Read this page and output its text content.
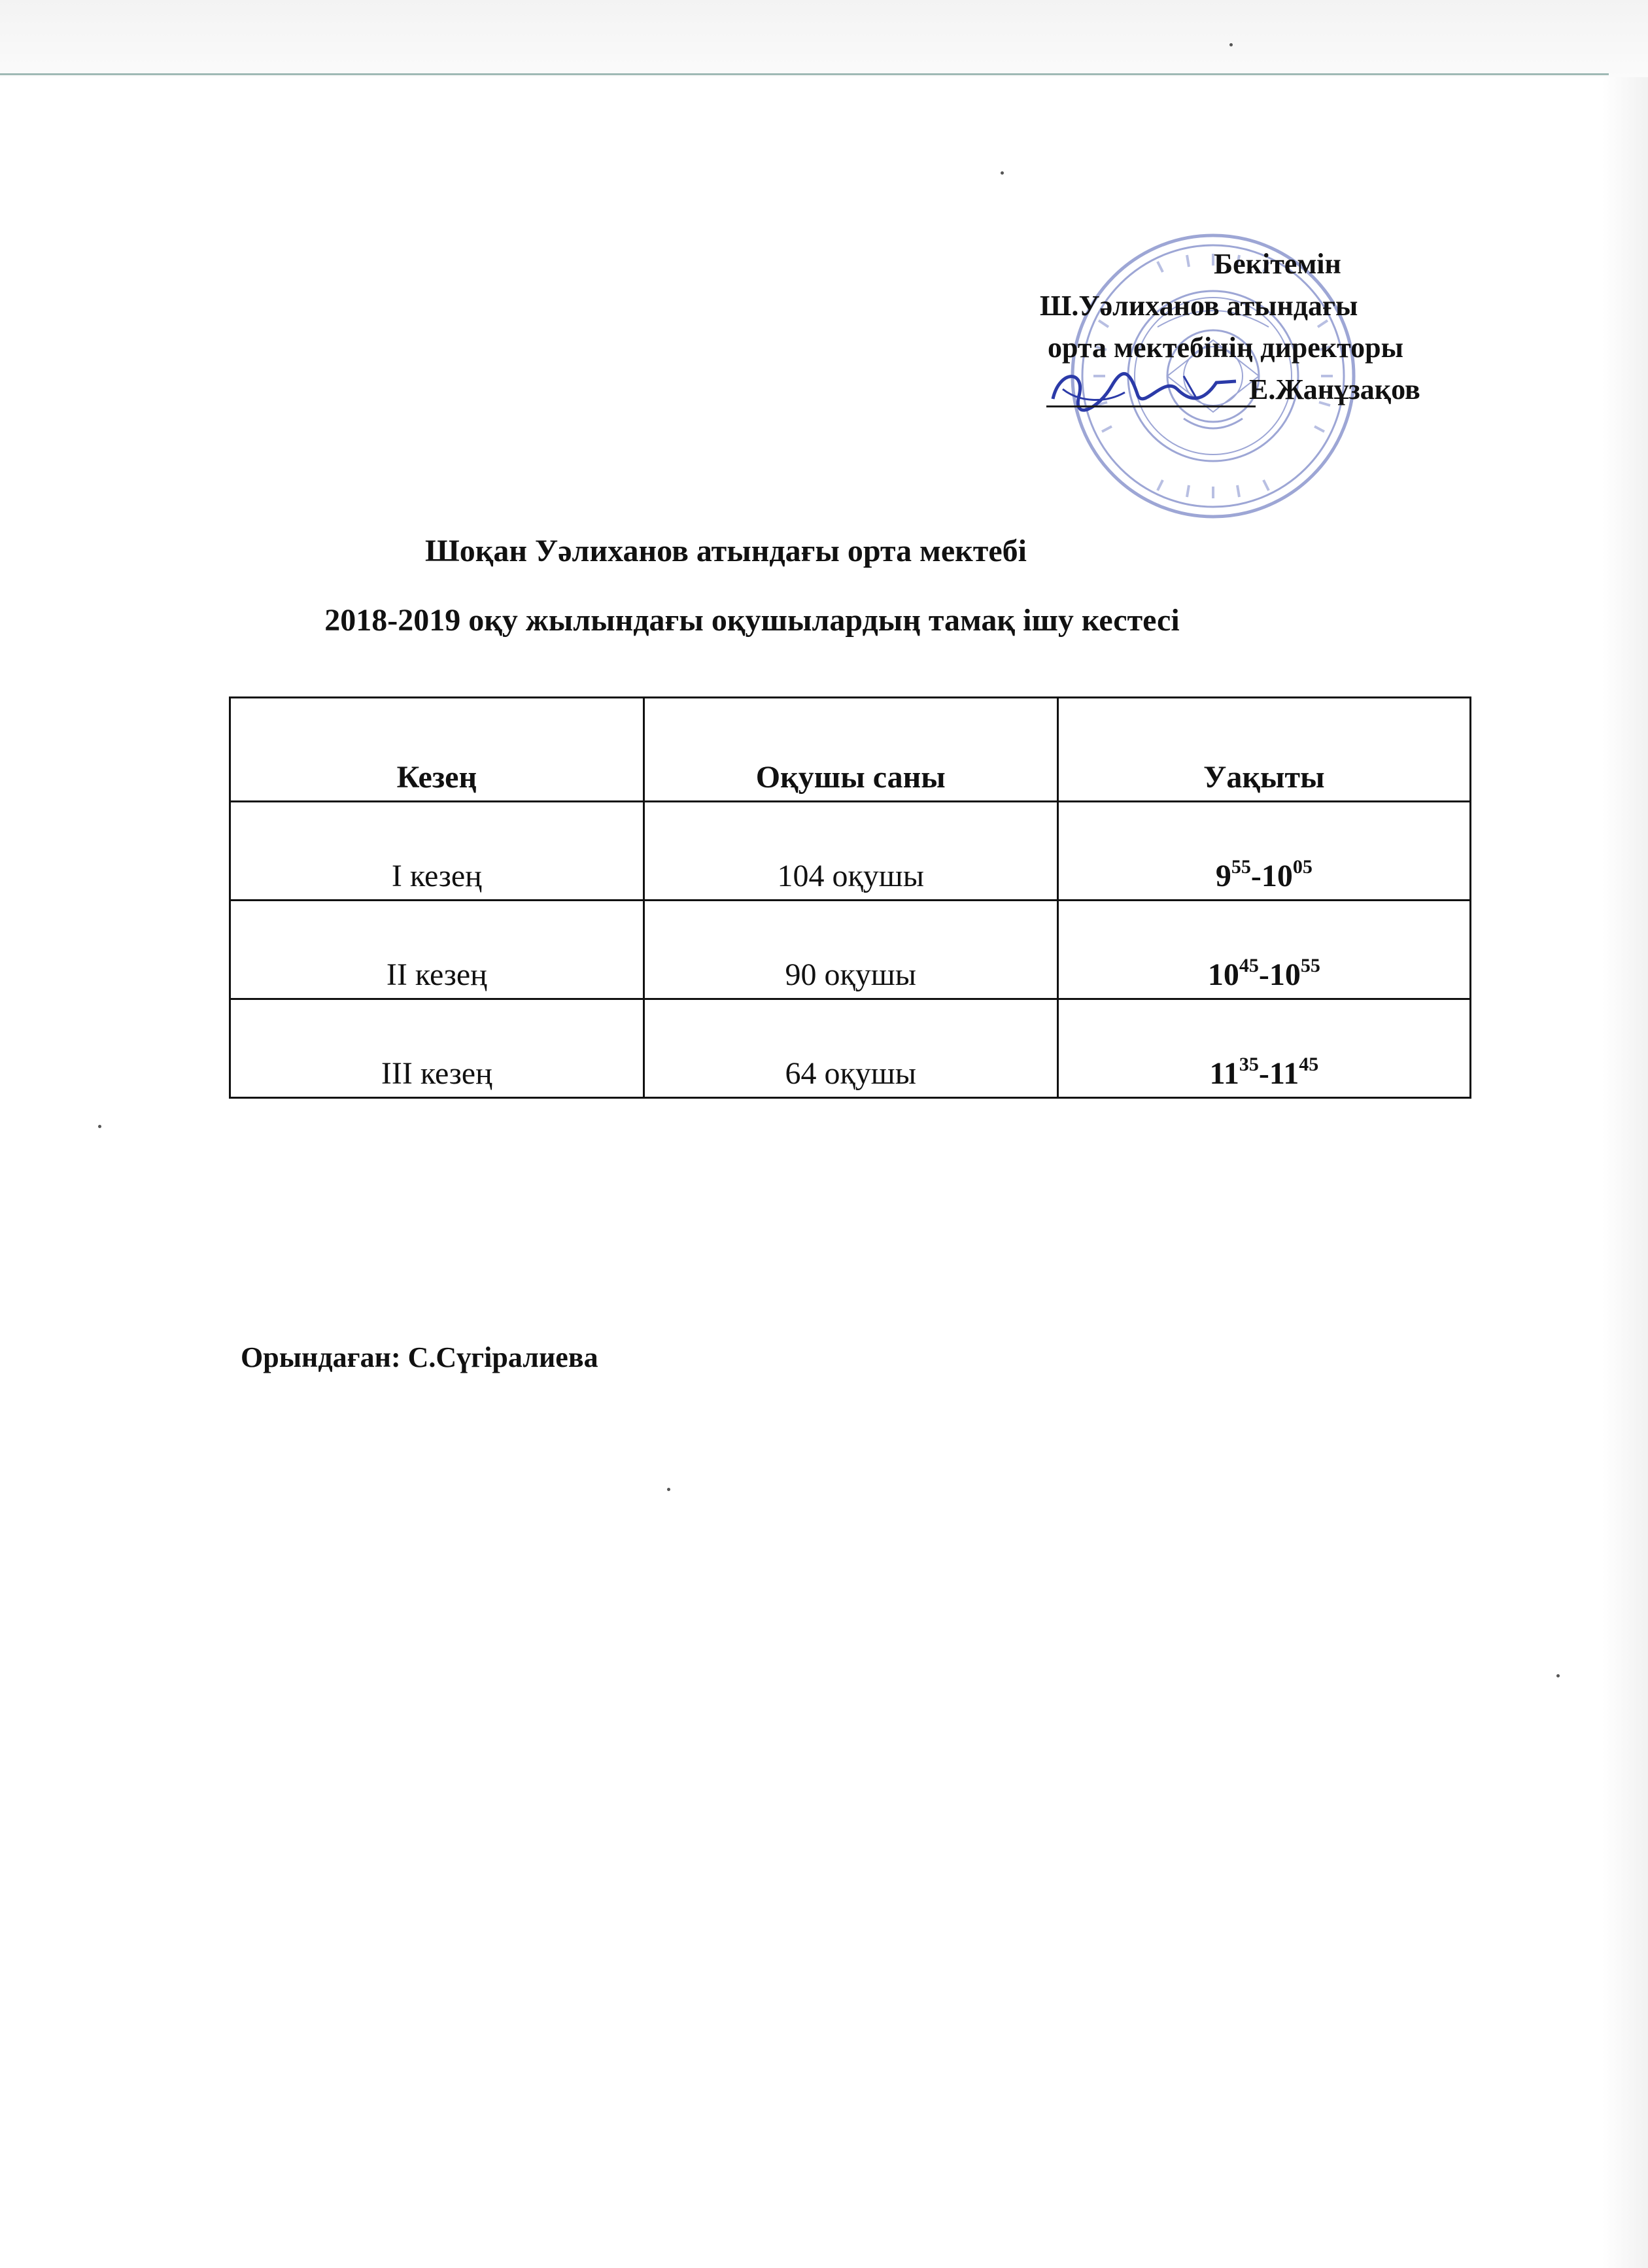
Бекітемін
Ш.Уәлиханов атындағы
орта мектебінің директоры
Е.Жанұзақов
Шоқан Уәлиханов атындағы орта мектебі
2018-2019 оқу жылындағы оқушылардың тамақ ішу кестесі
Кезең	Оқушы саны	Уақыты
I кезең	104 оқушы	$9^{55}-10^{05}$
II кезең	90 оқушы	$10^{45}-10^{55}$
III кезең	64 оқушы	$11^{35}-11^{45}$
Орындаған: С.Сүгіралиева
